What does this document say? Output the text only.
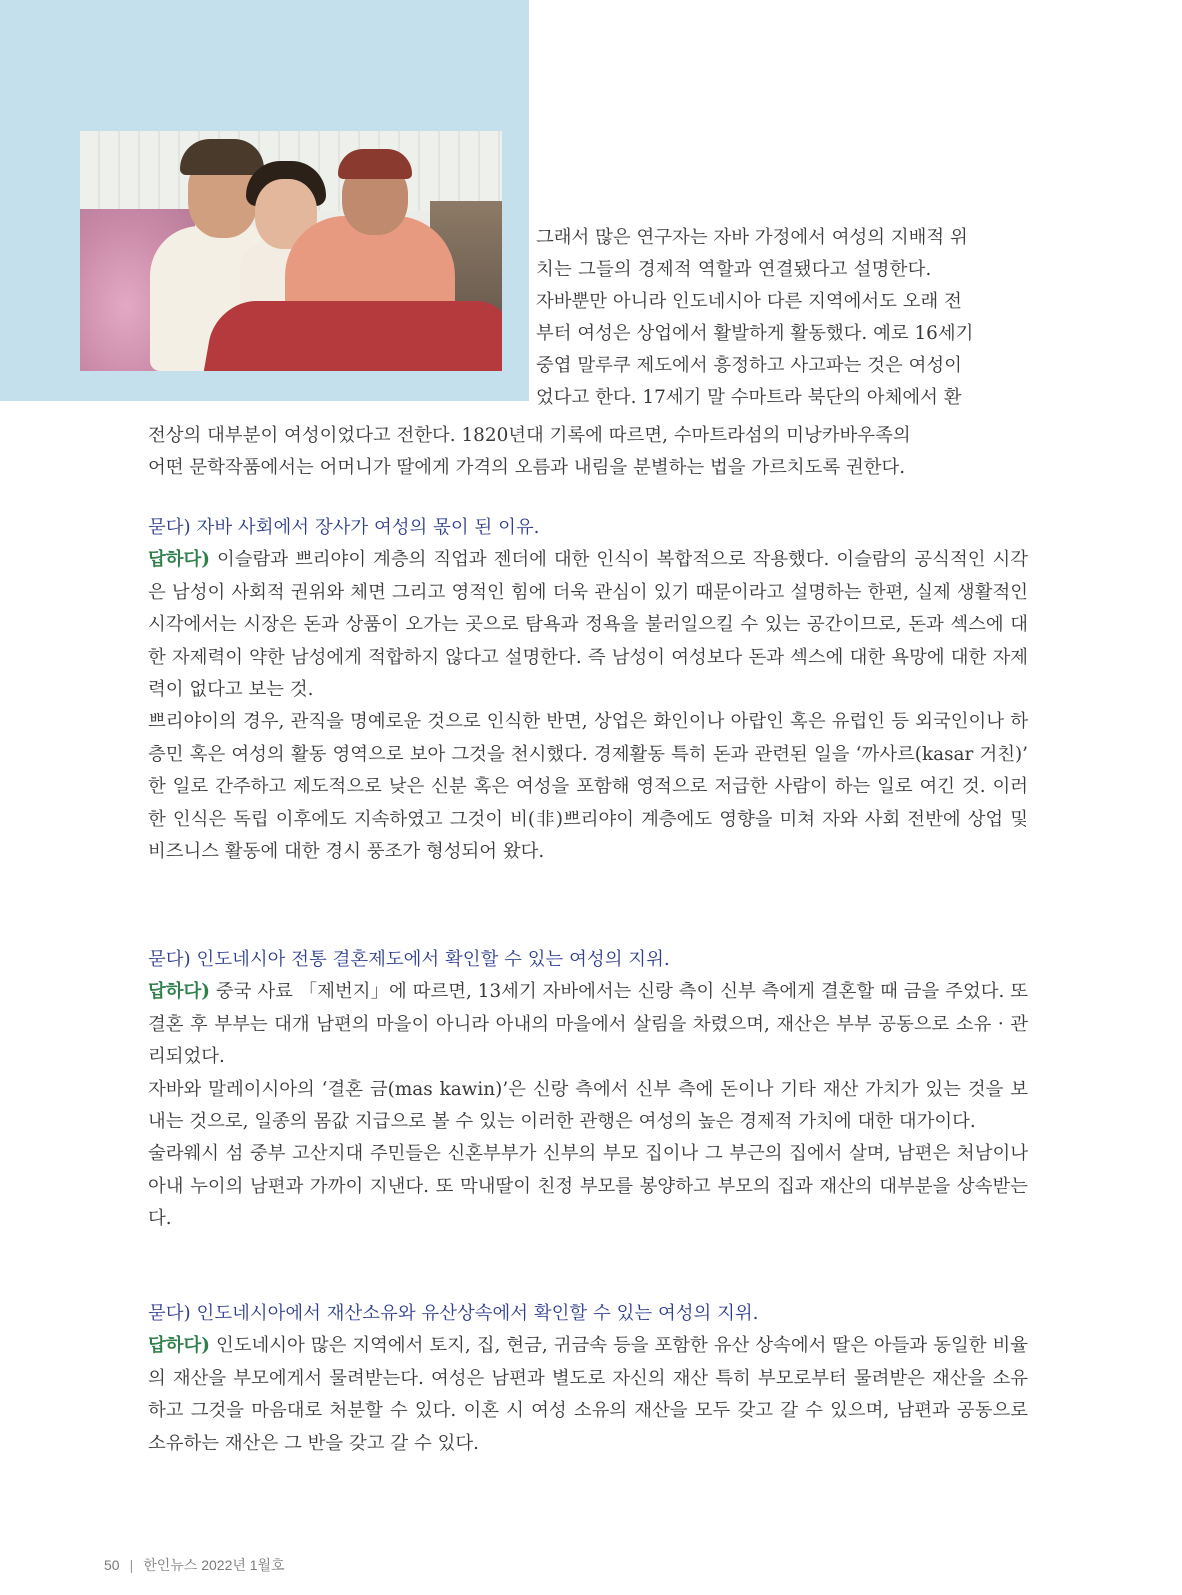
그래서 많은 연구자는 자바 가정에서 여성의 지배적 위

치는 그들의 경제적 역할과 연결됐다고 설명한다.

자바뿐만 아니라 인도네시아 다른 지역에서도 오래 전

부터 여성은 상업에서 활발하게 활동했다. 예로 16세기

중엽 말루쿠 제도에서 흥정하고 사고파는 것은 여성이

었다고 한다. 17세기 말 수마트라 북단의 아체에서 환

전상의 대부분이 여성이었다고 전한다. 1820년대 기록에 따르면, 수마트라섬의 미낭카바우족의

어떤 문학작품에서는 어머니가 딸에게 가격의 오름과 내림을 분별하는 법을 가르치도록 권한다.

묻다) 자바 사회에서 장사가 여성의 몫이 된 이유.

답하다) 이슬람과 쁘리야이 계층의 직업과 젠더에 대한 인식이 복합적으로 작용했다. 이슬람의 공식적인 시각은 남성이 사회적 권위와 체면 그리고 영적인 힘에 더욱 관심이 있기 때문이라고 설명하는 한편, 실제 생활적인 시각에서는 시장은 돈과 상품이 오가는 곳으로 탐욕과 정욕을 불러일으킬 수 있는 공간이므로, 돈과 섹스에 대한 자제력이 약한 남성에게 적합하지 않다고 설명한다. 즉 남성이 여성보다 돈과 섹스에 대한 욕망에 대한 자제력이 없다고 보는 것.

쁘리야이의 경우, 관직을 명예로운 것으로 인식한 반면, 상업은 화인이나 아랍인 혹은 유럽인 등 외국인이나 하층민 혹은 여성의 활동 영역으로 보아 그것을 천시했다. 경제활동 특히 돈과 관련된 일을 ‘까사르(kasar 거친)’ 한 일로 간주하고 제도적으로 낮은 신분 혹은 여성을 포함해 영적으로 저급한 사람이 하는 일로 여긴 것. 이러한 인식은 독립 이후에도 지속하였고 그것이 비(非)쁘리야이 계층에도 영향을 미쳐 자와 사회 전반에 상업 및 비즈니스 활동에 대한 경시 풍조가 형성되어 왔다.

묻다) 인도네시아 전통 결혼제도에서 확인할 수 있는 여성의 지위.

답하다) 중국 사료 「제번지」에 따르면, 13세기 자바에서는 신랑 측이 신부 측에게 결혼할 때 금을 주었다. 또 결혼 후 부부는 대개 남편의 마을이 아니라 아내의 마을에서 살림을 차렸으며, 재산은 부부 공동으로 소유 · 관리되었다.

자바와 말레이시아의 ‘결혼 금(mas kawin)’은 신랑 측에서 신부 측에 돈이나 기타 재산 가치가 있는 것을 보내는 것으로, 일종의 몸값 지급으로 볼 수 있는 이러한 관행은 여성의 높은 경제적 가치에 대한 대가이다.

술라웨시 섬 중부 고산지대 주민들은 신혼부부가 신부의 부모 집이나 그 부근의 집에서 살며, 남편은 처남이나 아내 누이의 남편과 가까이 지낸다. 또 막내딸이 친정 부모를 봉양하고 부모의 집과 재산의 대부분을 상속받는다.

묻다) 인도네시아에서 재산소유와 유산상속에서 확인할 수 있는 여성의 지위.

답하다) 인도네시아 많은 지역에서 토지, 집, 현금, 귀금속 등을 포함한 유산 상속에서 딸은 아들과 동일한 비율의 재산을 부모에게서 물려받는다. 여성은 남편과 별도로 자신의 재산 특히 부모로부터 물려받은 재산을 소유하고 그것을 마음대로 처분할 수 있다. 이혼 시 여성 소유의 재산을 모두 갖고 갈 수 있으며, 남편과 공동으로 소유하는 재산은 그 반을 갖고 갈 수 있다.

50 | 한인뉴스 2022년 1월호
